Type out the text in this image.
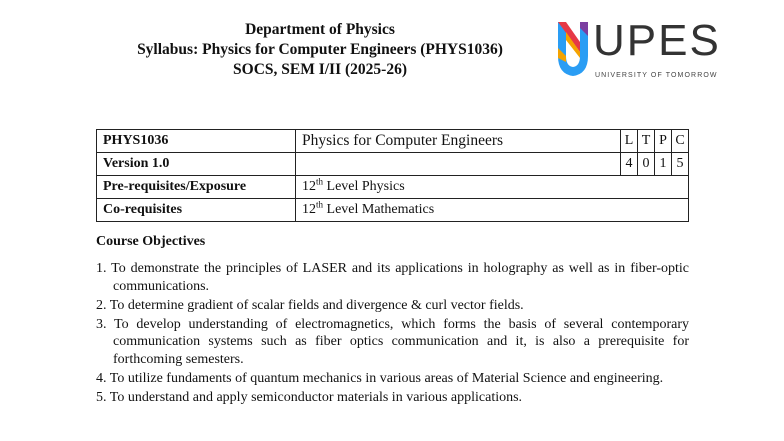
Department of Physics
Syllabus: Physics for Computer Engineers (PHYS1036)
SOCS, SEM I/II (2025-26)
UPES
UNIVERSITY OF TOMORROW
PHYS1036	Physics for Computer Engineers	L	T	P	C
Version 1.0		4	0	1	5
Pre-requisites/Exposure	12th Level Physics				
Co-requisites	12th Level Mathematics				
Course Objectives
1. To demonstrate the principles of LASER and its applications in holography as well as in fiber-optic communications.
2. To determine gradient of scalar fields and divergence & curl vector fields.
3. To develop understanding of electromagnetics, which forms the basis of several contemporary communication systems such as fiber optics communication and it, is also a prerequisite for forthcoming semesters.
4. To utilize fundaments of quantum mechanics in various areas of Material Science and engineering.
5. To understand and apply semiconductor materials in various applications.
